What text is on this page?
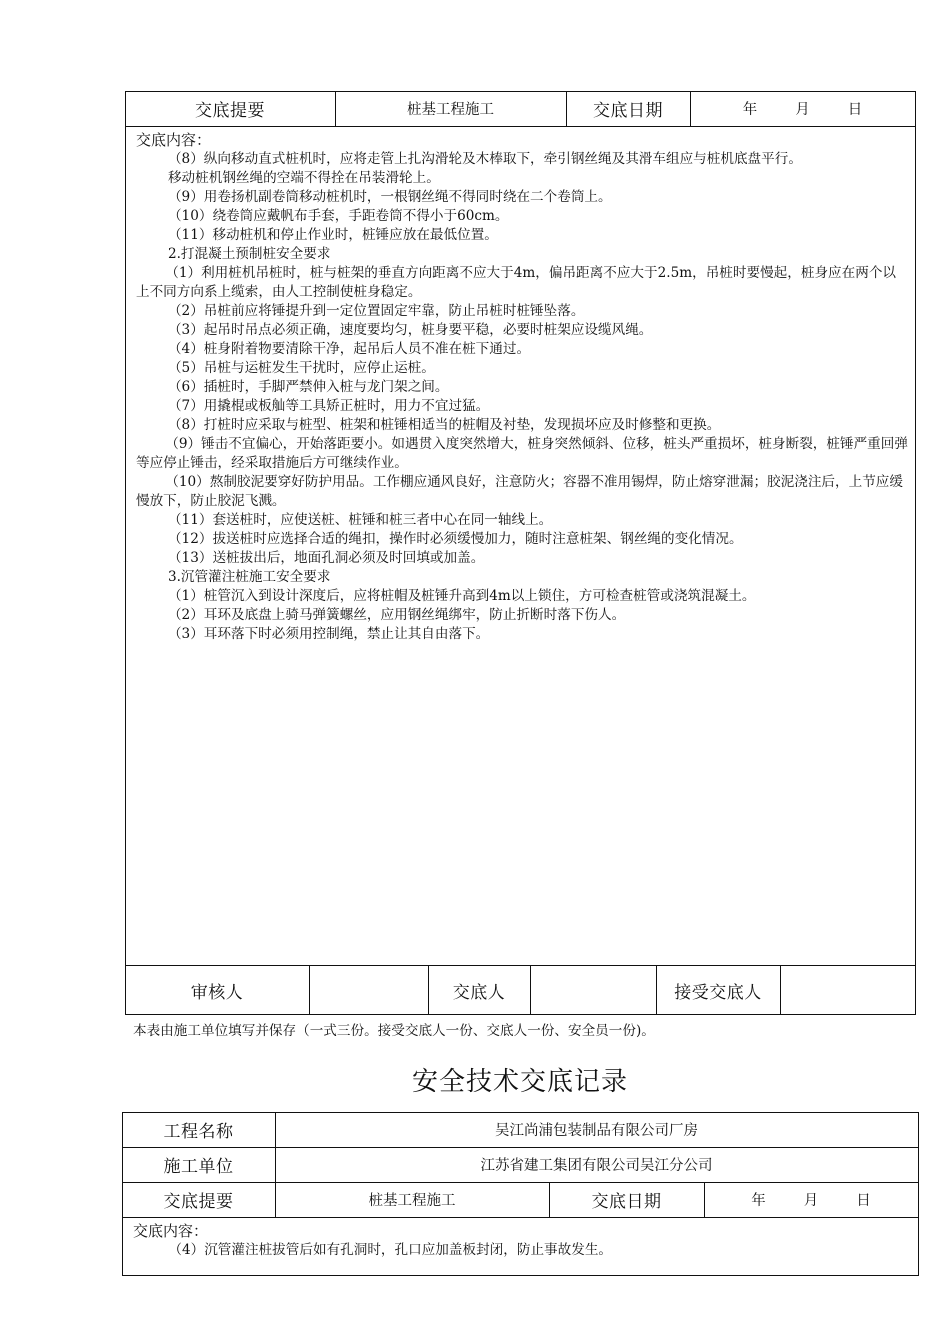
交底提要	桩基工程施工	交底日期	年	月	日

交底内容：

（8）纵向移动直式桩机时，应将走管上扎沟滑轮及木棒取下，牵引钢丝绳及其滑车组应与桩机底盘平行。

移动桩机钢丝绳的空端不得拴在吊装滑轮上。

（9）用卷扬机副卷筒移动桩机时，一根钢丝绳不得同时绕在二个卷筒上。

（10）绕卷筒应戴帆布手套，手距卷筒不得小于60cm。

（11）移动桩机和停止作业时，桩锤应放在最低位置。

2.打混凝土预制桩安全要求

（1）利用桩机吊桩时，桩与桩架的垂直方向距离不应大于4m，偏吊距离不应大于2.5m，吊桩时要慢起，桩身应在两个以上不同方向系上缆索，由人工控制使桩身稳定。

（2）吊桩前应将锤提升到一定位置固定牢靠，防止吊桩时桩锤坠落。

（3）起吊时吊点必须正确，速度要均匀，桩身要平稳，必要时桩架应设缆风绳。

（4）桩身附着物要清除干净，起吊后人员不准在桩下通过。

（5）吊桩与运桩发生干扰时，应停止运桩。

（6）插桩时，手脚严禁伸入桩与龙门架之间。

（7）用撬棍或板舢等工具矫正桩时，用力不宜过猛。

（8）打桩时应采取与桩型、桩架和桩锤相适当的桩帽及衬垫，发现损坏应及时修整和更换。

（9）锤击不宜偏心，开始落距要小。如遇贯入度突然增大，桩身突然倾斜、位移，桩头严重损坏，桩身断裂，桩锤严重回弹等应停止锤击，经采取措施后方可继续作业。

（10）熬制胶泥要穿好防护用品。工作棚应通风良好，注意防火；容器不准用锡焊，防止熔穿泄漏；胶泥浇注后，上节应缓慢放下，防止胶泥飞溅。

（11）套送桩时，应使送桩、桩锤和桩三者中心在同一轴线上。

（12）拔送桩时应选择合适的绳扣，操作时必须缓慢加力，随时注意桩架、钢丝绳的变化情况。

（13）送桩拔出后，地面孔洞必须及时回填或加盖。

3.沉管灌注桩施工安全要求

（1）桩管沉入到设计深度后，应将桩帽及桩锤升高到4m以上锁住，方可检查桩管或浇筑混凝土。

（2）耳环及底盘上骑马弹簧螺丝，应用钢丝绳绑牢，防止折断时落下伤人。

（3）耳环落下时必须用控制绳，禁止让其自由落下。

审核人	交底人	接受交底人
本表由施工单位填写并保存（一式三份。接受交底人一份、交底人一份、安全员一份)。
安全技术交底记录
工程名称	吴江尚浦包装制品有限公司厂房
施工单位	江苏省建工集团有限公司吴江分公司
交底提要	桩基工程施工	交底日期	年	月	日

交底内容：

（4）沉管灌注桩拔管后如有孔洞时，孔口应加盖板封闭，防止事故发生。
